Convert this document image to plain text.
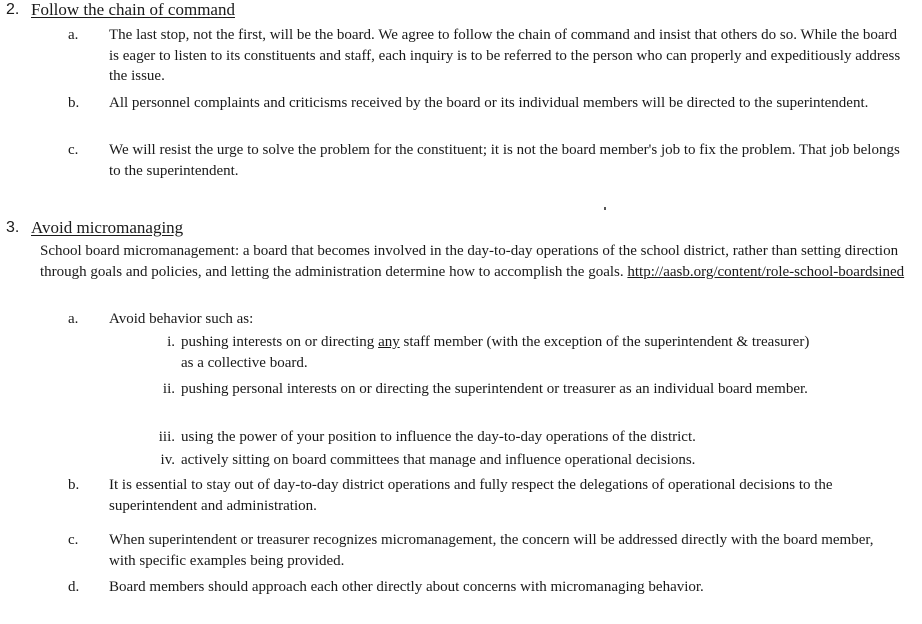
2. Follow the chain of command
a. The last stop, not the first, will be the board. We agree to follow the chain of command and insist that others do so. While the board is eager to listen to its constituents and staff, each inquiry is to be referred to the person who can properly and expeditiously address the issue.
b. All personnel complaints and criticisms received by the board or its individual members will be directed to the superintendent.
c. We will resist the urge to solve the problem for the constituent; it is not the board member's job to fix the problem. That job belongs to the superintendent.
3. Avoid micromanaging
School board micromanagement: a board that becomes involved in the day-to-day operations of the school district, rather than setting direction through goals and policies, and letting the administration determine how to accomplish the goals. http://aasb.org/content/role-school-boardsined
a. Avoid behavior such as:
i. pushing interests on or directing any staff member (with the exception of the superintendent & treasurer) as a collective board.
ii. pushing personal interests on or directing the superintendent or treasurer as an individual board member.
iii. using the power of your position to influence the day-to-day operations of the district.
iv. actively sitting on board committees that manage and influence operational decisions.
b. It is essential to stay out of day-to-day district operations and fully respect the delegations of operational decisions to the superintendent and administration.
c. When superintendent or treasurer recognizes micromanagement, the concern will be addressed directly with the board member, with specific examples being provided.
d. Board members should approach each other directly about concerns with micromanaging behavior.
